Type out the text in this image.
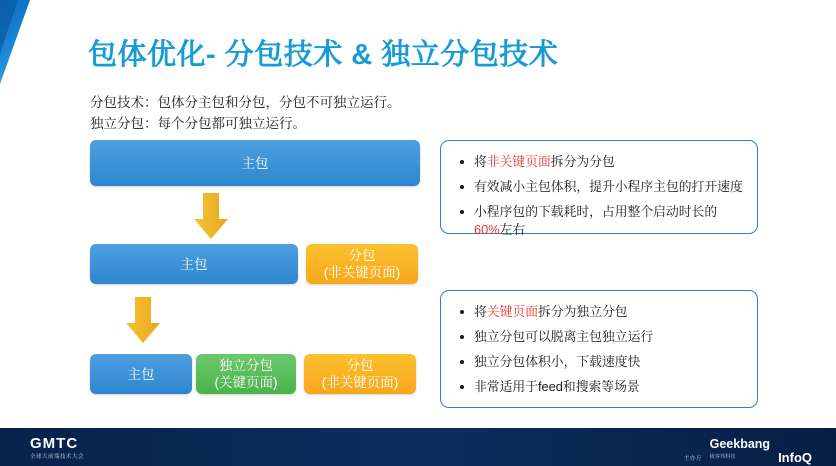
包体优化- 分包技术 & 独立分包技术
分包技术：包体分主包和分包，分包不可独立运行。
独立分包：每个分包都可独立运行。
主包
主包
分包
(非关键页面)
主包
独立分包
(关键页面)
分包
(非关键页面)
将非关键页面拆分为分包
有效减小主包体积，提升小程序主包的打开速度
小程序包的下载耗时，占用整个启动时长的60%左右
将关键页面拆分为独立分包
独立分包可以脱离主包独立运行
独立分包体积小，下载速度快
非常适用于feed和搜索等场景
GMTC
全球大前端技术大会	主办方
Geekbang
极客邦科技	InfoQ
